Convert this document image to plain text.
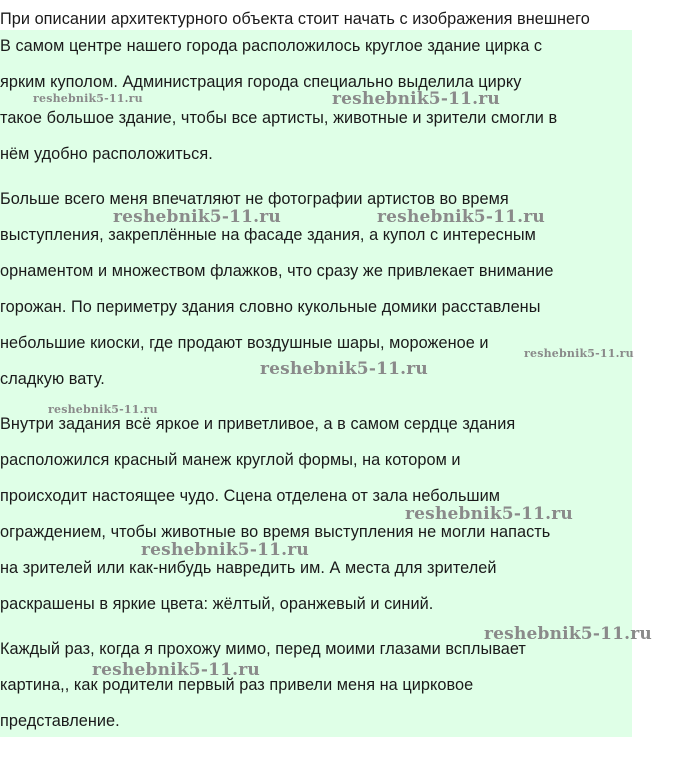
При описании архитектурного объекта стоит начать с изображения внешнего
В самом центре нашего города расположилось круглое здание цирка с
ярким куполом. Администрация города специально выделила цирку
такое большое здание, чтобы все артисты, животные и зрители смогли в
нём удобно расположиться.
Больше всего меня впечатляют не фотографии артистов во время
выступления, закреплённые на фасаде здания, а купол с интересным
орнаментом и множеством флажков, что сразу же привлекает внимание
горожан. По периметру здания словно кукольные домики расставлены
небольшие киоски, где продают воздушные шары, мороженое и
сладкую вату.
Внутри задания всё яркое и приветливое, а в самом сердце здания
расположился красный манеж круглой формы, на котором и
происходит настоящее чудо. Сцена отделена от зала небольшим
ограждением, чтобы животные во время выступления не могли напасть
на зрителей или как-нибудь навредить им. А места для зрителей
раскрашены в яркие цвета: жёлтый, оранжевый и синий.
Каждый раз, когда я прохожу мимо, перед моими глазами всплывает
картина,, как родители первый раз привели меня на цирковое
представление.
reshebnik5-11.ru	reshebnik5-11.ru
reshebnik5-11.ru	reshebnik5-11.ru
reshebnik5-11.ru
reshebnik5-11.ru
reshebnik5-11.ru
reshebnik5-11.ru
reshebnik5-11.ru
reshebnik5-11.ru
reshebnik5-11.ru
